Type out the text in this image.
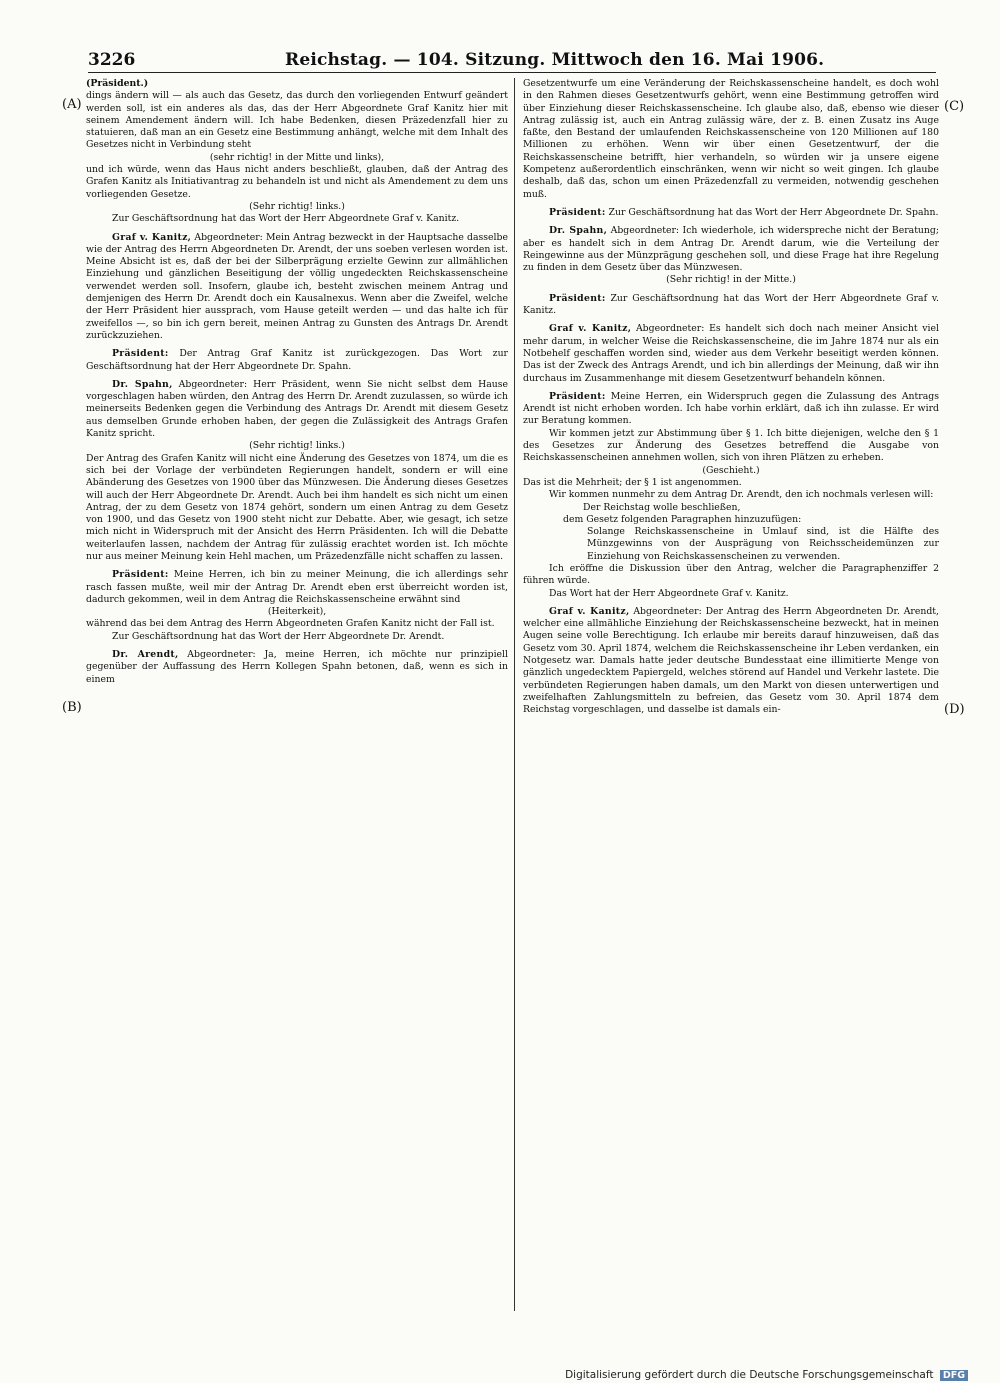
3226	Reichstag. — 104. Sitzung. Mittwoch den 16. Mai 1906.
(A)
(B)
(C)
(D)

(Präsident.)

dings ändern will — als auch das Gesetz, das durch den vorliegenden Entwurf geändert werden soll, ist ein anderes als das, das der Herr Abgeordnete Graf Kanitz hier mit seinem Amendement ändern will. Ich habe Bedenken, diesen Präzedenzfall hier zu statuieren, daß man an ein Gesetz eine Bestimmung anhängt, welche mit dem Inhalt des Gesetzes nicht in Verbindung steht

(sehr richtig! in der Mitte und links),

und ich würde, wenn das Haus nicht anders beschließt, glauben, daß der Antrag des Grafen Kanitz als Initiativantrag zu behandeln ist und nicht als Amendement zu dem uns vorliegenden Gesetze.

(Sehr richtig! links.)

Zur Geschäftsordnung hat das Wort der Herr Abgeordnete Graf v. Kanitz.

Graf v. Kanitz, Abgeordneter: Mein Antrag bezweckt in der Hauptsache dasselbe wie der Antrag des Herrn Abgeordneten Dr. Arendt, der uns soeben verlesen worden ist. Meine Absicht ist es, daß der bei der Silberprägung erzielte Gewinn zur allmählichen Einziehung und gänzlichen Beseitigung der völlig ungedeckten Reichskassenscheine verwendet werden soll. Insofern, glaube ich, besteht zwischen meinem Antrag und demjenigen des Herrn Dr. Arendt doch ein Kausalnexus. Wenn aber die Zweifel, welche der Herr Präsident hier aussprach, vom Hause geteilt werden — und das halte ich für zweifellos —, so bin ich gern bereit, meinen Antrag zu Gunsten des Antrags Dr. Arendt zurückzuziehen.

Präsident: Der Antrag Graf Kanitz ist zurückgezogen. Das Wort zur Geschäftsordnung hat der Herr Abgeordnete Dr. Spahn.

Dr. Spahn, Abgeordneter: Herr Präsident, wenn Sie nicht selbst dem Hause vorgeschlagen haben würden, den Antrag des Herrn Dr. Arendt zuzulassen, so würde ich meinerseits Bedenken gegen die Verbindung des Antrags Dr. Arendt mit diesem Gesetz aus demselben Grunde erhoben haben, der gegen die Zulässigkeit des Antrags Grafen Kanitz spricht.

(Sehr richtig! links.)

Der Antrag des Grafen Kanitz will nicht eine Änderung des Gesetzes von 1874, um die es sich bei der Vorlage der verbündeten Regierungen handelt, sondern er will eine Abänderung des Gesetzes von 1900 über das Münzwesen. Die Änderung dieses Gesetzes will auch der Herr Abgeordnete Dr. Arendt. Auch bei ihm handelt es sich nicht um einen Antrag, der zu dem Gesetz von 1874 gehört, sondern um einen Antrag zu dem Gesetz von 1900, und das Gesetz von 1900 steht nicht zur Debatte. Aber, wie gesagt, ich setze mich nicht in Widerspruch mit der Ansicht des Herrn Präsidenten. Ich will die Debatte weiterlaufen lassen, nachdem der Antrag für zulässig erachtet worden ist. Ich möchte nur aus meiner Meinung kein Hehl machen, um Präzedenzfälle nicht schaffen zu lassen.

Präsident: Meine Herren, ich bin zu meiner Meinung, die ich allerdings sehr rasch fassen mußte, weil mir der Antrag Dr. Arendt eben erst überreicht worden ist, dadurch gekommen, weil in dem Antrag die Reichskassenscheine erwähnt sind

(Heiterkeit),

während das bei dem Antrag des Herrn Abgeordneten Grafen Kanitz nicht der Fall ist.

Zur Geschäftsordnung hat das Wort der Herr Abgeordnete Dr. Arendt.

Dr. Arendt, Abgeordneter: Ja, meine Herren, ich möchte nur prinzipiell gegenüber der Auffassung des Herrn Kollegen Spahn betonen, daß, wenn es sich in einem

Gesetzentwurfe um eine Veränderung der Reichskassenscheine handelt, es doch wohl in den Rahmen dieses Gesetzentwurfs gehört, wenn eine Bestimmung getroffen wird über Einziehung dieser Reichskassenscheine. Ich glaube also, daß, ebenso wie dieser Antrag zulässig ist, auch ein Antrag zulässig wäre, der z. B. einen Zusatz ins Auge faßte, den Bestand der umlaufenden Reichskassenscheine von 120 Millionen auf 180 Millionen zu erhöhen. Wenn wir über einen Gesetzentwurf, der die Reichskassenscheine betrifft, hier verhandeln, so würden wir ja unsere eigene Kompetenz außerordentlich einschränken, wenn wir nicht so weit gingen. Ich glaube deshalb, daß das, schon um einen Präzedenzfall zu vermeiden, notwendig geschehen muß.

Präsident: Zur Geschäftsordnung hat das Wort der Herr Abgeordnete Dr. Spahn.

Dr. Spahn, Abgeordneter: Ich wiederhole, ich widerspreche nicht der Beratung; aber es handelt sich in dem Antrag Dr. Arendt darum, wie die Verteilung der Reingewinne aus der Münzprägung geschehen soll, und diese Frage hat ihre Regelung zu finden in dem Gesetz über das Münzwesen.

(Sehr richtig! in der Mitte.)

Präsident: Zur Geschäftsordnung hat das Wort der Herr Abgeordnete Graf v. Kanitz.

Graf v. Kanitz, Abgeordneter: Es handelt sich doch nach meiner Ansicht viel mehr darum, in welcher Weise die Reichskassenscheine, die im Jahre 1874 nur als ein Notbehelf geschaffen worden sind, wieder aus dem Verkehr beseitigt werden können. Das ist der Zweck des Antrags Arendt, und ich bin allerdings der Meinung, daß wir ihn durchaus im Zusammenhange mit diesem Gesetzentwurf behandeln können.

Präsident: Meine Herren, ein Widerspruch gegen die Zulassung des Antrags Arendt ist nicht erhoben worden. Ich habe vorhin erklärt, daß ich ihn zulasse. Er wird zur Beratung kommen.

Wir kommen jetzt zur Abstimmung über § 1. Ich bitte diejenigen, welche den § 1 des Gesetzes zur Änderung des Gesetzes betreffend die Ausgabe von Reichskassenscheinen annehmen wollen, sich von ihren Plätzen zu erheben.

(Geschieht.)

Das ist die Mehrheit; der § 1 ist angenommen.

Wir kommen nunmehr zu dem Antrag Dr. Arendt, den ich nochmals verlesen will:

Der Reichstag wolle beschließen,

dem Gesetz folgenden Paragraphen hinzuzufügen:

Solange Reichskassenscheine in Umlauf sind, ist die Hälfte des Münzgewinns von der Ausprägung von Reichsscheidemünzen zur Einziehung von Reichskassenscheinen zu verwenden.

Ich eröffne die Diskussion über den Antrag, welcher die Paragraphenziffer 2 führen würde.

Das Wort hat der Herr Abgeordnete Graf v. Kanitz.

Graf v. Kanitz, Abgeordneter: Der Antrag des Herrn Abgeordneten Dr. Arendt, welcher eine allmähliche Einziehung der Reichskassenscheine bezweckt, hat in meinen Augen seine volle Berechtigung. Ich erlaube mir bereits darauf hinzuweisen, daß das Gesetz vom 30. April 1874, welchem die Reichskassenscheine ihr Leben verdanken, ein Notgesetz war. Damals hatte jeder deutsche Bundesstaat eine illimitierte Menge von gänzlich ungedecktem Papiergeld, welches störend auf Handel und Verkehr lastete. Die verbündeten Regierungen haben damals, um den Markt von diesen unterwertigen und zweifelhaften Zahlungsmitteln zu befreien, das Gesetz vom 30. April 1874 dem Reichstag vorgeschlagen, und dasselbe ist damals ein-

Digitalisierung gefördert durch die Deutsche Forschungsgemeinschaft DFG
